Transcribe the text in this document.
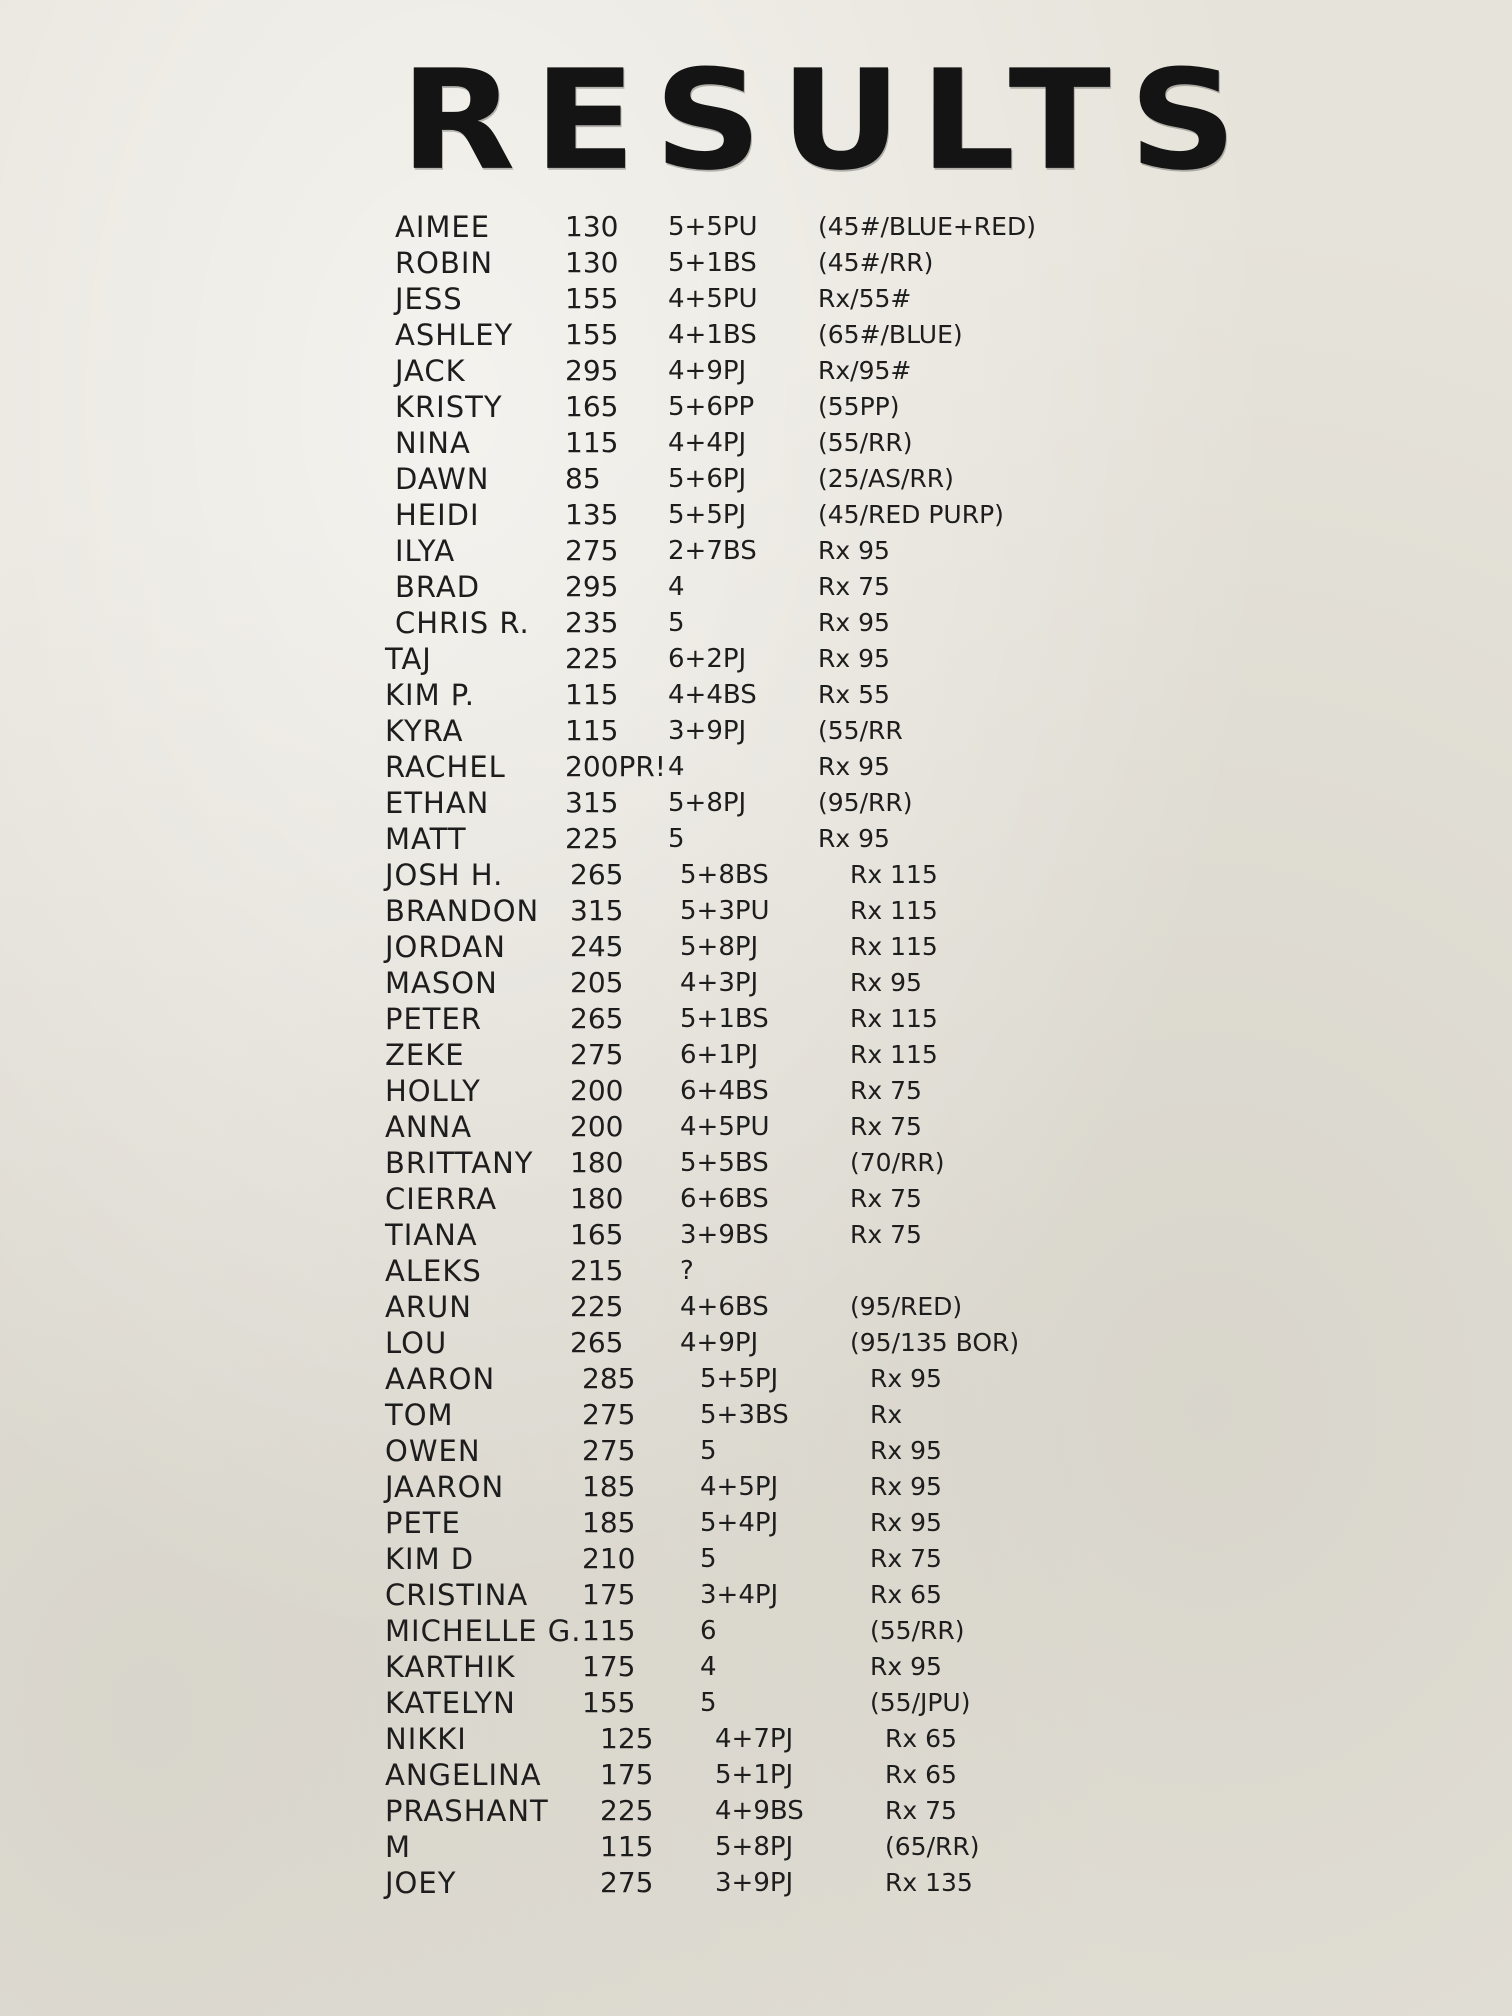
RESULTS
AIMEE	130 5+5PU (45#/BLUE+RED)
ROBIN	130 5+1BS (45#/RR)
JESS	155 4+5PU Rx/55#
ASHLEY 155 4+1BS (65#/BLUE)
JACK	295 4+9PJ	Rx/95#
KRISTY 165 5+6PP	(55PP)
NINA	115 4+4PJ	(55/RR)
DAWN	85	5+6PJ	(25/AS/RR)
HEIDI	135 5+5PJ	(45/RED PURP)
ILYA	275 2+7BS Rx 95
BRAD	295 4	Rx 75
CHRIS R. 235 5	Rx 95
TAJ	225 6+2PJ	Rx 95
KIM P.	115 4+4BS Rx 55
KYRA	115 3+9PJ	(55/RR
RACHEL 200PR! 4	Rx 95
ETHAN	315 5+8PJ	(95/RR)
MATT	225 5	Rx 95
JOSH H. 265 5+8BS	Rx 115
BRANDON 315 5+3PU	Rx 115
JORDAN 245 5+8PJ	Rx 115
MASON	205 4+3PJ	Rx 95
PETER	265 5+1BS	Rx 115
ZEKE	275 6+1PJ	Rx 115
HOLLY	200 6+4BS	Rx 75
ANNA	200 4+5PU	Rx 75
BRITTANY 180 5+5BS	(70/RR)
CIERRA	180 6+6BS	Rx 75
TIANA	165 3+9BS	Rx 75
ALEKS	215 ?
ARUN	225 4+6BS	(95/RED)
LOU	265 4+9PJ	(95/135 BOR)
AARON	285 5+5PJ	Rx 95
TOM	275 5+3BS	Rx
OWEN	275 5	Rx 95
JAARON	185 4+5PJ	Rx 95
PETE	185 5+4PJ	Rx 95
KIM D	210 5	Rx 75
CRISTINA 175 3+4PJ	Rx 65
MICHELLE G. 115 6	(55/RR)
KARTHIK 175 4	Rx 95
KATELYN 155 5	(55/JPU)
NIKKI	125 4+7PJ	Rx 65
ANGELINA 175 5+1PJ	Rx 65
PRASHANT 225 4+9BS	Rx 75
M	115 5+8PJ	(65/RR)
JOEY	275 3+9PJ	Rx 135
